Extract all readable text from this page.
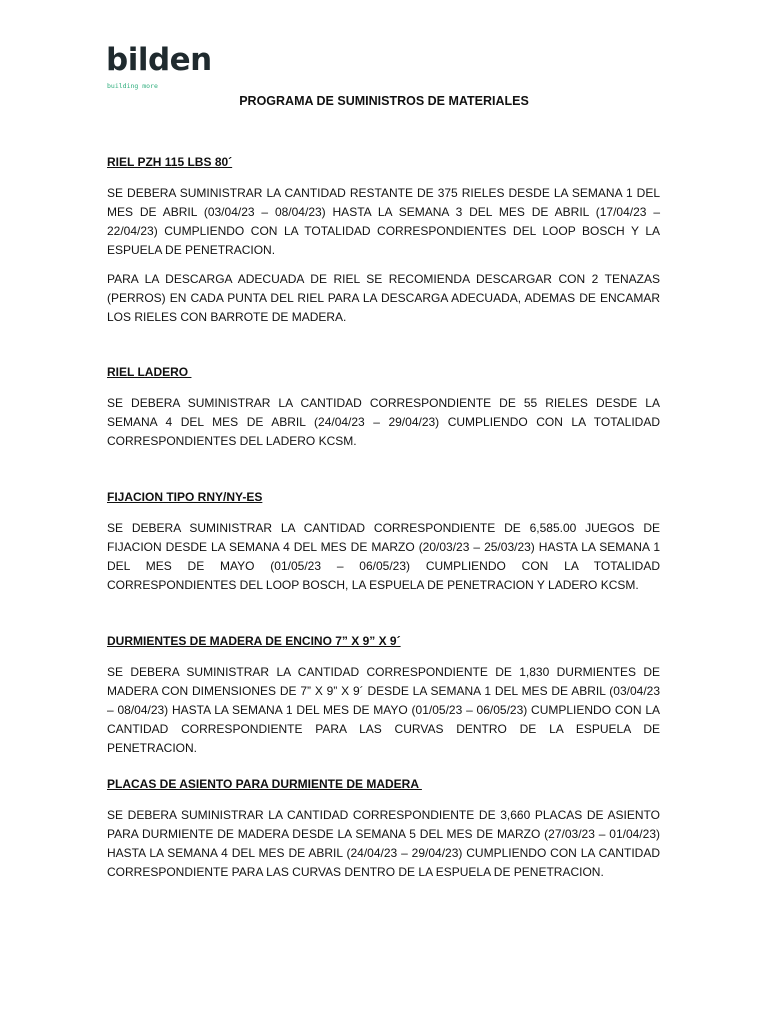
bilden
building more
PROGRAMA DE SUMINISTROS DE MATERIALES
RIEL PZH 115 LBS 80´

SE DEBERA SUMINISTRAR LA CANTIDAD RESTANTE DE 375 RIELES DESDE LA SEMANA 1 DEL MES DE ABRIL (03/04/23 – 08/04/23) HASTA LA SEMANA 3 DEL MES DE ABRIL (17/04/23 – 22/04/23) CUMPLIENDO CON LA TOTALIDAD CORRESPONDIENTES DEL LOOP BOSCH Y LA ESPUELA DE PENETRACION.

PARA LA DESCARGA ADECUADA DE RIEL SE RECOMIENDA DESCARGAR CON 2 TENAZAS (PERROS) EN CADA PUNTA DEL RIEL PARA LA DESCARGA ADECUADA, ADEMAS DE ENCAMAR LOS RIELES CON BARROTE DE MADERA.

RIEL LADERO

SE DEBERA SUMINISTRAR LA CANTIDAD CORRESPONDIENTE DE 55 RIELES DESDE LA SEMANA 4 DEL MES DE ABRIL (24/04/23 – 29/04/23) CUMPLIENDO CON LA TOTALIDAD CORRESPONDIENTES DEL LADERO KCSM.

FIJACION TIPO RNY/NY-ES

SE DEBERA SUMINISTRAR LA CANTIDAD CORRESPONDIENTE DE 6,585.00 JUEGOS DE FIJACION DESDE LA SEMANA 4 DEL MES DE MARZO (20/03/23 – 25/03/23) HASTA LA SEMANA 1 DEL MES DE MAYO (01/05/23 – 06/05/23) CUMPLIENDO CON LA TOTALIDAD CORRESPONDIENTES DEL LOOP BOSCH, LA ESPUELA DE PENETRACION Y LADERO KCSM.

DURMIENTES DE MADERA DE ENCINO 7” X 9” X 9´

SE DEBERA SUMINISTRAR LA CANTIDAD CORRESPONDIENTE DE 1,830 DURMIENTES DE MADERA CON DIMENSIONES DE 7” X 9” X 9´ DESDE LA SEMANA 1 DEL MES DE ABRIL (03/04/23 – 08/04/23) HASTA LA SEMANA 1 DEL MES DE MAYO (01/05/23 – 06/05/23) CUMPLIENDO CON LA CANTIDAD CORRESPONDIENTE PARA LAS CURVAS DENTRO DE LA ESPUELA DE PENETRACION.

PLACAS DE ASIENTO PARA DURMIENTE DE MADERA

SE DEBERA SUMINISTRAR LA CANTIDAD CORRESPONDIENTE DE 3,660 PLACAS DE ASIENTO PARA DURMIENTE DE MADERA DESDE LA SEMANA 5 DEL MES DE MARZO (27/03/23 – 01/04/23) HASTA LA SEMANA 4 DEL MES DE ABRIL (24/04/23 – 29/04/23) CUMPLIENDO CON LA CANTIDAD CORRESPONDIENTE PARA LAS CURVAS DENTRO DE LA ESPUELA DE PENETRACION.
